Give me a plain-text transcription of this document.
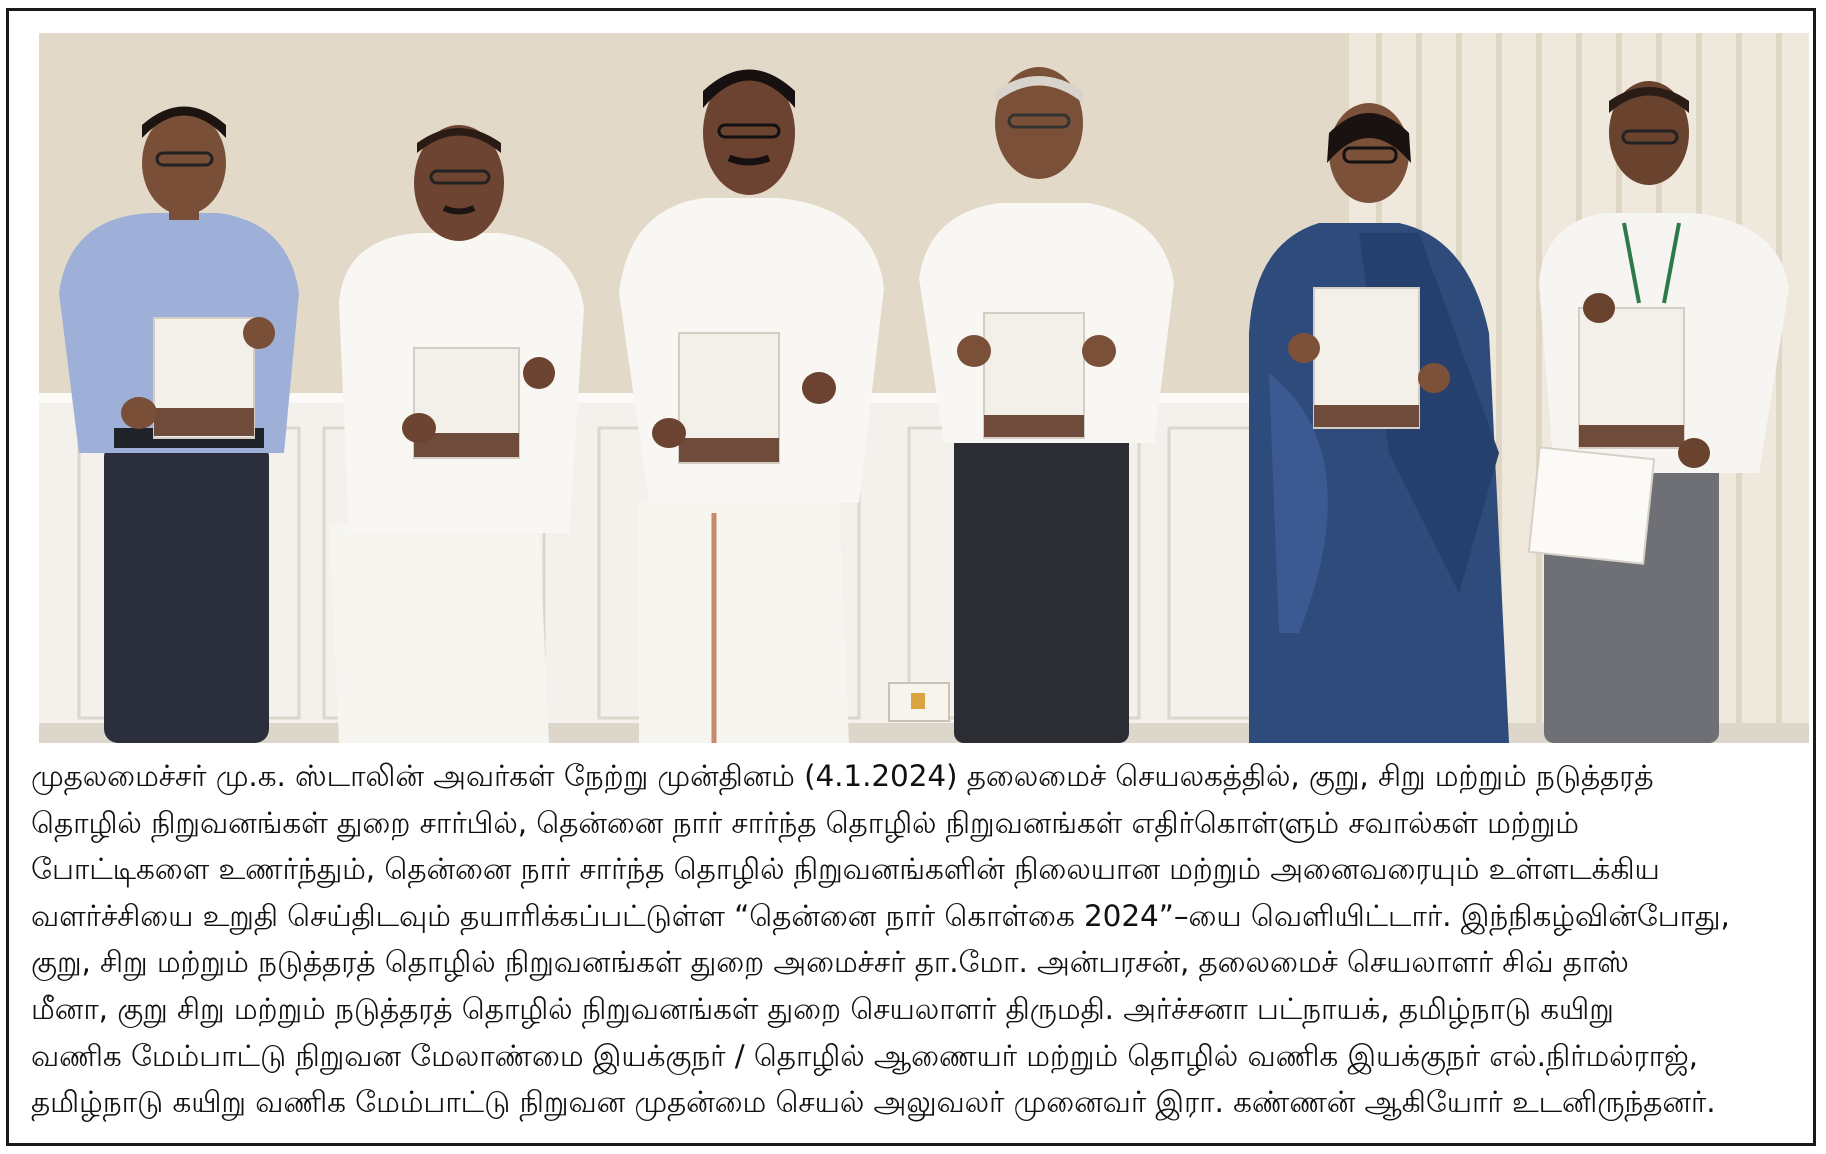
முதலமைச்சர் மு.க. ஸ்டாலின் அவர்கள் நேற்று முன்தினம் (4.1.2024) தலைமைச் செயலகத்தில், குறு, சிறு மற்றும் நடுத்தரத்

தொழில் நிறுவனங்கள் துறை சார்பில், தென்னை நார் சார்ந்த தொழில் நிறுவனங்கள் எதிர்கொள்ளும் சவால்கள் மற்றும்

போட்டிகளை உணர்ந்தும், தென்னை நார் சார்ந்த தொழில் நிறுவனங்களின் நிலையான மற்றும் அனைவரையும் உள்ளடக்கிய

வளர்ச்சியை உறுதி செய்திடவும் தயாரிக்கப்பட்டுள்ள “தென்னை நார் கொள்கை 2024”–யை வெளியிட்டார். இந்நிகழ்வின்போது,

குறு, சிறு மற்றும் நடுத்தரத் தொழில் நிறுவனங்கள் துறை அமைச்சர் தா.மோ. அன்பரசன், தலைமைச் செயலாளர் சிவ் தாஸ்

மீனா, குறு சிறு மற்றும் நடுத்தரத் தொழில் நிறுவனங்கள் துறை செயலாளர் திருமதி. அர்ச்சனா பட்நாயக், தமிழ்நாடு கயிறு

வணிக மேம்பாட்டு நிறுவன மேலாண்மை இயக்குநர் / தொழில் ஆணையர் மற்றும் தொழில் வணிக இயக்குநர் எல்.நிர்மல்ராஜ்,

தமிழ்நாடு கயிறு வணிக மேம்பாட்டு நிறுவன முதன்மை செயல் அலுவலர் முனைவர் இரா. கண்ணன் ஆகியோர் உடனிருந்தனர்.
